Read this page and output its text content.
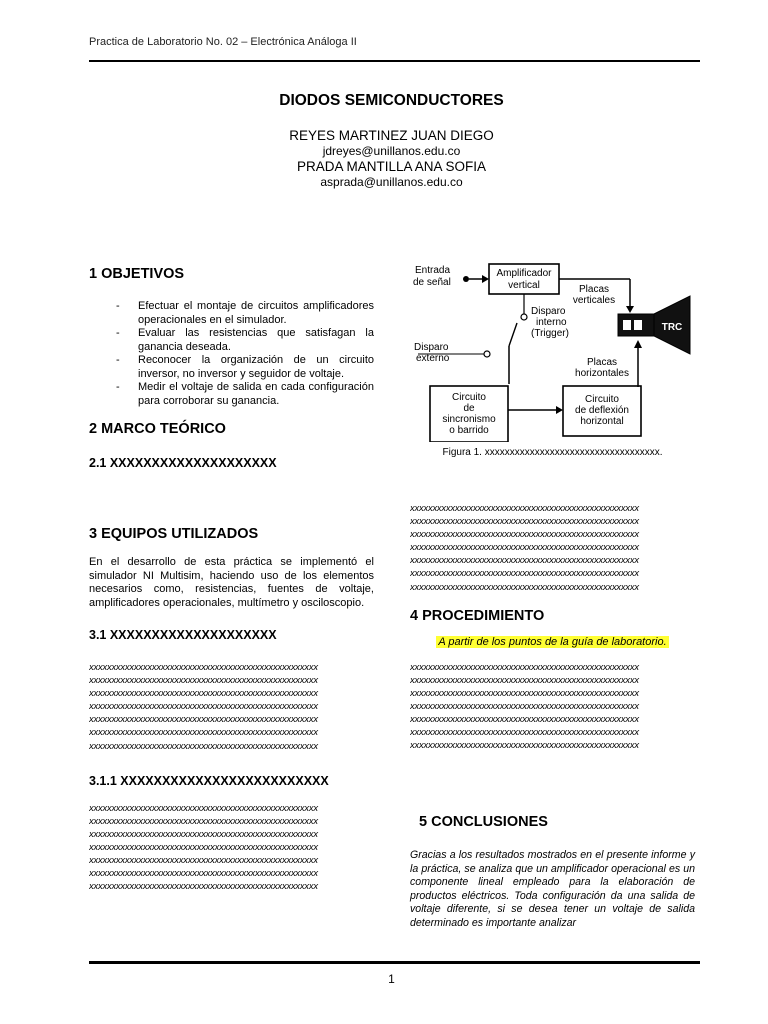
Practica de Laboratorio No. 02 – Electrónica Análoga II
DIODOS SEMICONDUCTORES
REYES MARTINEZ JUAN DIEGO
jdreyes@unillanos.edu.co
PRADA MANTILLA ANA SOFIA
asprada@unillanos.edu.co
1 OBJETIVOS
- Efectuar el montaje de circuitos amplificadores operacionales en el simulador.
- Evaluar las resistencias que satisfagan la ganancia deseada.
- Reconocer la organización de un circuito inversor, no inversor y seguidor de voltaje.
- Medir el voltaje de salida en cada configuración para corroborar su ganancia.
2 MARCO TEÓRICO
2.1 XXXXXXXXXXXXXXXXXXXX
3 EQUIPOS UTILIZADOS

En el desarrollo de esta práctica se implementó el simulador NI Multisim, haciendo uso de los elementos necesarios como, resistencias, fuentes de voltaje, amplificadores operacionales, multímetro y osciloscopio.

3.1 XXXXXXXXXXXXXXXXXXXX

xxxxxxxxxxxxxxxxxxxxxxxxxxxxxxxxxxxxxxxxxxxxxxxxxxx

xxxxxxxxxxxxxxxxxxxxxxxxxxxxxxxxxxxxxxxxxxxxxxxxxxx

xxxxxxxxxxxxxxxxxxxxxxxxxxxxxxxxxxxxxxxxxxxxxxxxxxx

xxxxxxxxxxxxxxxxxxxxxxxxxxxxxxxxxxxxxxxxxxxxxxxxxxx

xxxxxxxxxxxxxxxxxxxxxxxxxxxxxxxxxxxxxxxxxxxxxxxxxxx

xxxxxxxxxxxxxxxxxxxxxxxxxxxxxxxxxxxxxxxxxxxxxxxxxxx

xxxxxxxxxxxxxxxxxxxxxxxxxxxxxxxxxxxxxxxxxxxxxxxxxxx

3.1.1 XXXXXXXXXXXXXXXXXXXXXXXXX

xxxxxxxxxxxxxxxxxxxxxxxxxxxxxxxxxxxxxxxxxxxxxxxxxxx

xxxxxxxxxxxxxxxxxxxxxxxxxxxxxxxxxxxxxxxxxxxxxxxxxxx

xxxxxxxxxxxxxxxxxxxxxxxxxxxxxxxxxxxxxxxxxxxxxxxxxxx

xxxxxxxxxxxxxxxxxxxxxxxxxxxxxxxxxxxxxxxxxxxxxxxxxxx

xxxxxxxxxxxxxxxxxxxxxxxxxxxxxxxxxxxxxxxxxxxxxxxxxxx

xxxxxxxxxxxxxxxxxxxxxxxxxxxxxxxxxxxxxxxxxxxxxxxxxxx

xxxxxxxxxxxxxxxxxxxxxxxxxxxxxxxxxxxxxxxxxxxxxxxxxxx

Entrada
de señal
Amplificador
vertical	Placas
verticales
Disparo
interno
(Trigger)
Disparo
externo	Placas
horizontales
Circuito
de
sincronismo
o barrido
Circuito
de deflexión
horizontal
TRC

Figura 1. xxxxxxxxxxxxxxxxxxxxxxxxxxxxxxxxxxx.

xxxxxxxxxxxxxxxxxxxxxxxxxxxxxxxxxxxxxxxxxxxxxxxxxxx

xxxxxxxxxxxxxxxxxxxxxxxxxxxxxxxxxxxxxxxxxxxxxxxxxxx

xxxxxxxxxxxxxxxxxxxxxxxxxxxxxxxxxxxxxxxxxxxxxxxxxxx

xxxxxxxxxxxxxxxxxxxxxxxxxxxxxxxxxxxxxxxxxxxxxxxxxxx

xxxxxxxxxxxxxxxxxxxxxxxxxxxxxxxxxxxxxxxxxxxxxxxxxxx

xxxxxxxxxxxxxxxxxxxxxxxxxxxxxxxxxxxxxxxxxxxxxxxxxxx

xxxxxxxxxxxxxxxxxxxxxxxxxxxxxxxxxxxxxxxxxxxxxxxxxxx

4 PROCEDIMIENTO

A partir de los puntos de la guía de laboratorio.

xxxxxxxxxxxxxxxxxxxxxxxxxxxxxxxxxxxxxxxxxxxxxxxxxxx

xxxxxxxxxxxxxxxxxxxxxxxxxxxxxxxxxxxxxxxxxxxxxxxxxxx

xxxxxxxxxxxxxxxxxxxxxxxxxxxxxxxxxxxxxxxxxxxxxxxxxxx

xxxxxxxxxxxxxxxxxxxxxxxxxxxxxxxxxxxxxxxxxxxxxxxxxxx

xxxxxxxxxxxxxxxxxxxxxxxxxxxxxxxxxxxxxxxxxxxxxxxxxxx

xxxxxxxxxxxxxxxxxxxxxxxxxxxxxxxxxxxxxxxxxxxxxxxxxxx

xxxxxxxxxxxxxxxxxxxxxxxxxxxxxxxxxxxxxxxxxxxxxxxxxxx

5 CONCLUSIONES

Gracias a los resultados mostrados en el presente informe y la práctica, se analiza que un amplificador operacional es un componente lineal empleado para la elaboración de productos eléctricos. Toda configuración da una salida de voltaje diferente, si se desea tener un voltaje de salida determinado es importante analizar

1
